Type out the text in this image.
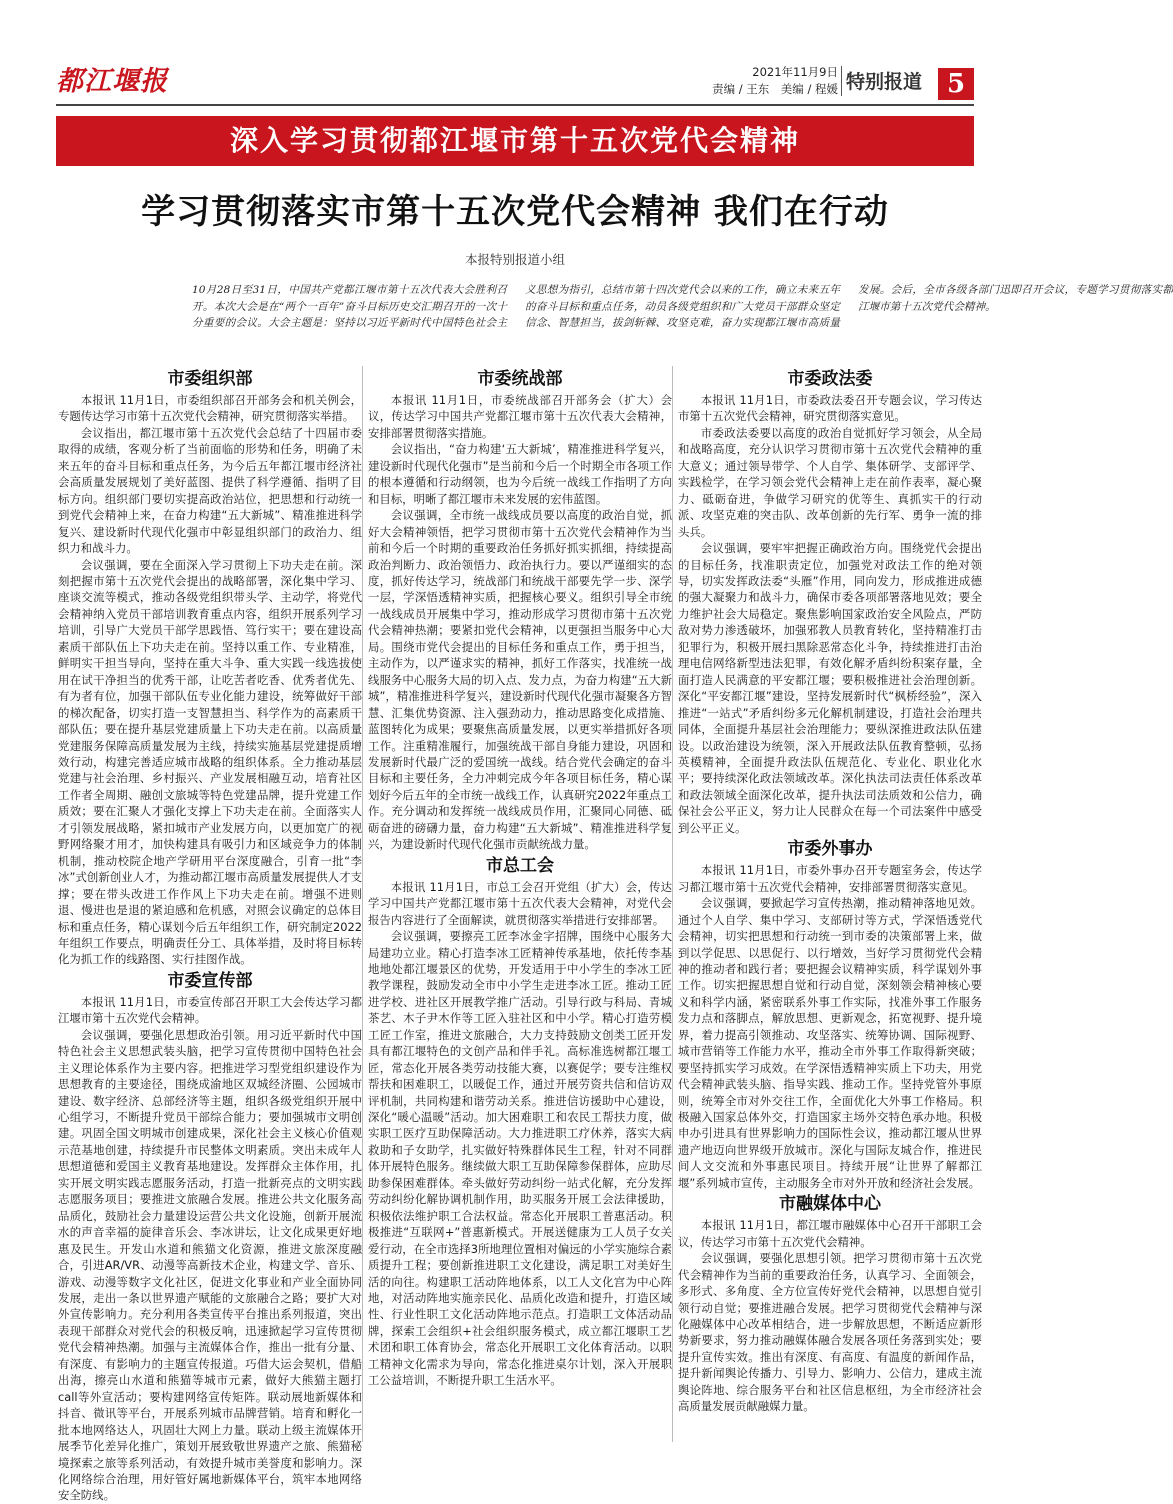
都江堰报	2021年11月9日
责编 / 王东　美编 / 程媛 特别报道 5
深入学习贯彻都江堰市第十五次党代会精神
学习贯彻落实市第十五次党代会精神 我们在行动
本报特别报道小组
10月28日至31日，中国共产党都江堰市第十五次代表大会胜利召开。本次大会是在“两个一百年”奋斗目标历史交汇期召开的一次十分重要的会议。大会主题是：坚持以习近平新时代中国特色社会主义思想为指引，总结市第十四次党代会以来的工作，确立未来五年的奋斗目标和重点任务，动员各级党组织和广大党员干部群众坚定信念、智慧担当，拔剑斩棘、攻坚克难，奋力实现都江堰市高质量发展。会后，全市各级各部门迅即召开会议，专题学习贯彻落实都江堰市第十五次党代会精神。
市委组织部

本报讯 11月1日，市委组织部召开部务会和机关例会，专题传达学习市第十五次党代会精神，研究贯彻落实举措。

会议指出，都江堰市第十五次党代会总结了十四届市委取得的成绩，客观分析了当前面临的形势和任务，明确了未来五年的奋斗目标和重点任务，为今后五年都江堰市经济社会高质量发展规划了美好蓝图、提供了科学遵循、指明了目标方向。组织部门要切实提高政治站位，把思想和行动统一到党代会精神上来，在奋力构建“五大新城”、精准推进科学复兴、建设新时代现代化强市中彰显组织部门的政治力、组织力和战斗力。

会议强调，要在全面深入学习贯彻上下功夫走在前。深刻把握市第十五次党代会提出的战略部署，深化集中学习、座谈交流等模式，推动各级党组织带头学、主动学，将党代会精神纳入党员干部培训教育重点内容，组织开展系列学习培训，引导广大党员干部学思践悟、笃行实干；要在建设高素质干部队伍上下功夫走在前。坚持以重工作、专业精准，鲜明实干担当导向，坚持在重大斗争、重大实践一线选拔使用在试干净担当的优秀干部，让吃苦者吃香、优秀者优先、有为者有位，加强干部队伍专业化能力建设，统筹做好干部的梯次配备，切实打造一支智慧担当、科学作为的高素质干部队伍；要在提升基层党建质量上下功夫走在前。以高质量党建服务保障高质量发展为主线，持续实施基层党建提质增效行动，构建完善适应城市战略的组织体系。全力推动基层党建与社会治理、乡村振兴、产业发展相融互动，培育社区工作者全周期、融创文旅城等特色党建品牌，提升党建工作质效；要在汇聚人才强化支撑上下功夫走在前。全面落实人才引领发展战略，紧扣城市产业发展方向，以更加宽广的视野网络聚才用才，加快构建具有吸引力和区域竞争力的体制机制，推动校院企地产学研用平台深度融合，引育一批“李冰”式创新创业人才，为推动都江堰市高质量发展提供人才支撑；要在带头改进工作作风上下功夫走在前。增强不进则退、慢进也是退的紧迫感和危机感，对照会议确定的总体目标和重点任务，精心谋划今后五年组织工作，研究制定2022年组织工作要点，明确责任分工、具体举措，及时将目标转化为抓工作的线路图、实行挂图作战。

市委宣传部

本报讯 11月1日，市委宣传部召开职工大会传达学习都江堰市第十五次党代会精神。

会议强调，要强化思想政治引领。用习近平新时代中国特色社会主义思想武装头脑，把学习宣传贯彻中国特色社会主义理论体系作为主要内容。把推进学习型党组织建设作为思想教育的主要途径，围绕成渝地区双城经济圈、公园城市建设、数字经济、总部经济等主题，组织各级党组织开展中心组学习，不断提升党员干部综合能力；要加强城市文明创建。巩固全国文明城市创建成果，深化社会主义核心价值观示范基地创建，持续提升市民整体文明素质。突出未成年人思想道德和爱国主义教育基地建设。发挥群众主体作用，扎实开展文明实践志愿服务活动，打造一批新亮点的文明实践志愿服务项目；要推进文旅融合发展。推进公共文化服务高品质化，鼓励社会力量建设运营公共文化设施，创新开展流水的声音幸福的旋律音乐会、李冰讲坛，让文化成果更好地惠及民生。开发山水道和熊猫文化资源，推进文旅深度融合，引进AR/VR、动漫等高新技术企业，构建文学、音乐、游戏、动漫等数字文化社区，促进文化事业和产业全面协同发展，走出一条以世界遗产赋能的文旅融合之路；要扩大对外宣传影响力。充分利用各类宣传平台推出系列报道，突出表现干部群众对党代会的积极反响，迅速掀起学习宣传贯彻党代会精神热潮。加强与主流媒体合作，推出一批有分量、有深度、有影响力的主题宣传报道。巧借大运会契机，借船出海，擦亮山水道和熊猫等城市元素，做好大熊猫主题打call等外宣活动；要构建网络宣传矩阵。联动展地新媒体和抖音、微讯等平台，开展系列城市品牌营销。培育和孵化一批本地网络达人，巩固壮大网上力量。联动上级主流媒体开展季节化差异化推广，策划开展致敬世界遗产之旅、熊猫秘境探索之旅等系列活动，有效提升城市美誉度和影响力。深化网络综合治理，用好管好属地新媒体平台，筑牢本地网络安全防线。

市委统战部

本报讯 11月1日，市委统战部召开部务会（扩大）会议，传达学习中国共产党都江堰市第十五次代表大会精神，安排部署贯彻落实措施。

会议指出，“奋力构建‘五大新城’，精准推进科学复兴，建设新时代现代化强市”是当前和今后一个时期全市各项工作的根本遵循和行动纲领，也为今后统一战线工作指明了方向和目标，明晰了都江堰市未来发展的宏伟蓝图。

会议强调，全市统一战线成员要以高度的政治自觉，抓好大会精神领悟，把学习贯彻市第十五次党代会精神作为当前和今后一个时期的重要政治任务抓好抓实抓细，持续提高政治判断力、政治领悟力、政治执行力。要以严谨细实的态度，抓好传达学习，统战部门和统战干部要先学一步、深学一层，学深悟透精神实质，把握核心要义。组织引导全市统一战线成员开展集中学习，推动形成学习贯彻市第十五次党代会精神热潮；要紧扣党代会精神，以更强担当服务中心大局。围绕市党代会提出的目标任务和重点工作，勇于担当，主动作为，以严谨求实的精神，抓好工作落实，找准统一战线服务中心服务大局的切入点、发力点，为奋力构建“五大新城”，精准推进科学复兴，建设新时代现代化强市凝聚各方智慧、汇集优势资源、注入强劲动力，推动思路变化成措施、蓝图转化为成果；要聚焦高质量发展，以更实举措抓好各项工作。注重精准履行，加强统战干部自身能力建设，巩固和发展新时代最广泛的爱国统一战线。结合党代会确定的奋斗目标和主要任务，全力冲刺完成今年各项目标任务，精心谋划好今后五年的全市统一战线工作，认真研究2022年重点工作。充分调动和发挥统一战线成员作用，汇聚同心同德、砥砺奋进的磅礴力量，奋力构建“五大新城”、精准推进科学复兴，为建设新时代现代化强市贡献统战力量。

市总工会

本报讯 11月1日，市总工会召开党组（扩大）会，传达学习中国共产党都江堰市第十五次代表大会精神，对党代会报告内容进行了全面解读，就贯彻落实举措进行安排部署。

会议强调，要擦亮工匠李冰金字招牌，围绕中心服务大局建功立业。精心打造李冰工匠精神传承基地，依托传李基地地处都江堰景区的优势，开发适用于中小学生的李冰工匠教学课程，鼓励发动全市中小学生走进李冰工匠。推动工匠进学校、进社区开展教学推广活动。引导行政与科局、青城茶艺、木子尹木作等工匠入驻社区和中小学。精心打造劳模工匠工作室，推进文旅融合，大力支持鼓励文创类工匠开发具有都江堰特色的文创产品和伴手礼。高标准选树都江堰工匠，常态化开展各类劳动技能大赛，以赛促学；要专注维权帮扶和困难职工，以暖促工作，通过开展劳资共信和信访双评机制，共同构建和谐劳动关系。推进信访援助中心建设，深化“暖心温暖”活动。加大困难职工和农民工帮扶力度，做实职工医疗互助保障活动。大力推进职工疗休养，落实大病救助和子女助学，扎实做好特殊群体民生工程，针对不同群体开展特色服务。继续做大职工互助保障参保群体，应助尽助参保困难群体。牵头做好劳动纠纷一站式化解，充分发挥劳动纠纷化解协调机制作用，助买服务开展工会法律援助，积极依法维护职工合法权益。常态化开展职工普惠活动。积极推进“互联网+”普惠新模式。开展送健康为工人员子女关爱行动，在全市选择3所地理位置相对偏远的小学实施综合素质提升工程；要创新推进职工文化建设，满足职工对美好生活的向往。构建职工活动阵地体系，以工人文化宫为中心阵地，对活动阵地实施亲民化、品质化改造和提升，打造区域性、行业性职工文化活动阵地示范点。打造职工文体活动品牌，探索工会组织+社会组织服务模式，成立都江堰职工艺术团和职工体育协会，常态化开展职工文化体育活动。以职工精神文化需求为导向，常态化推进桌尔计划，深入开展职工公益培训，不断提升职工生活水平。

市委政法委

本报讯 11月1日，市委政法委召开专题会议，学习传达市第十五次党代会精神，研究贯彻落实意见。

市委政法委要以高度的政治自觉抓好学习领会，从全局和战略高度，充分认识学习贯彻市第十五次党代会精神的重大意义；通过领导带学、个人自学、集体研学、支部评学、实践检学，在学习领会党代会精神上走在前作表率，凝心聚力、砥砺奋进，争做学习研究的优等生、真抓实干的行动派、攻坚克难的突击队、改革创新的先行军、勇争一流的排头兵。

会议强调，要牢牢把握正确政治方向。围绕党代会提出的目标任务，找准职责定位，加强党对政法工作的绝对领导，切实发挥政法委“头雁”作用，同向发力，形成推进成德的强大凝聚力和战斗力，确保市委各项部署落地见效；要全力维护社会大局稳定。聚焦影响国家政治安全风险点，严防敌对势力渗透破坏，加强邪教人员教育转化，坚持精准打击犯罪行为，积极开展扫黑除恶常态化斗争，持续推进打击治理电信网络新型违法犯罪，有效化解矛盾纠纷积案存量，全面打造人民满意的平安都江堰；要积极推进社会治理创新。深化“平安都江堰”建设，坚持发展新时代“枫桥经验”，深入推进“一站式”矛盾纠纷多元化解机制建设，打造社会治理共同体，全面提升基层社会治理能力；要纵深推进政法队伍建设。以政治建设为统领，深入开展政法队伍教育整顿，弘扬英模精神，全面提升政法队伍规范化、专业化、职业化水平；要持续深化政法领域改革。深化执法司法责任体系改革和政法领域全面深化改革，提升执法司法质效和公信力，确保社会公平正义，努力让人民群众在每一个司法案件中感受到公平正义。

市委外事办

本报讯 11月1日，市委外事办召开专题室务会，传达学习都江堰市第十五次党代会精神，安排部署贯彻落实意见。

会议强调，要掀起学习宣传热潮，推动精神落地见效。通过个人自学、集中学习、支部研讨等方式，学深悟透党代会精神，切实把思想和行动统一到市委的决策部署上来，做到以学促思、以思促行、以行增效，当好学习贯彻党代会精神的推动者和践行者；要把握会议精神实质，科学谋划外事工作。切实把握思想自觉和行动自觉，深刻领会精神核心要义和科学内涵，紧密联系外事工作实际，找准外事工作服务发力点和落脚点，解放思想、更新观念，拓宽视野、提升境界，着力提高引领推动、攻坚落实、统筹协调、国际视野、城市营销等工作能力水平，推动全市外事工作取得新突破；要坚持抓实学习成效。在学深悟透精神实质上下功夫，用党代会精神武装头脑、指导实践、推动工作。坚持党管外事原则，统筹全市对外交往工作，全面优化大外事工作格局。积极融入国家总体外交，打造国家主场外交特色承办地。积极申办引进具有世界影响力的国际性会议，推动都江堰从世界遗产地迈向世界级开放城市。深化与国际友城合作，推进民间人文交流和外事惠民项目。持续开展“让世界了解都江堰”系列城市宣传，主动服务全市对外开放和经济社会发展。

市融媒体中心

本报讯 11月1日，都江堰市融媒体中心召开干部职工会议，传达学习市第十五次党代会精神。

会议强调，要强化思想引领。把学习贯彻市第十五次党代会精神作为当前的重要政治任务，认真学习、全面领会，多形式、多角度、全方位宣传好党代会精神，以思想自觉引领行动自觉；要推进融合发展。把学习贯彻党代会精神与深化融媒体中心改革相结合，进一步解放思想，不断适应新形势新要求，努力推动融媒体融合发展各项任务落到实处；要提升宣传实效。推出有深度、有高度、有温度的新闻作品，提升新闻舆论传播力、引导力、影响力、公信力，建成主流舆论阵地、综合服务平台和社区信息枢纽，为全市经济社会高质量发展贡献融媒力量。
